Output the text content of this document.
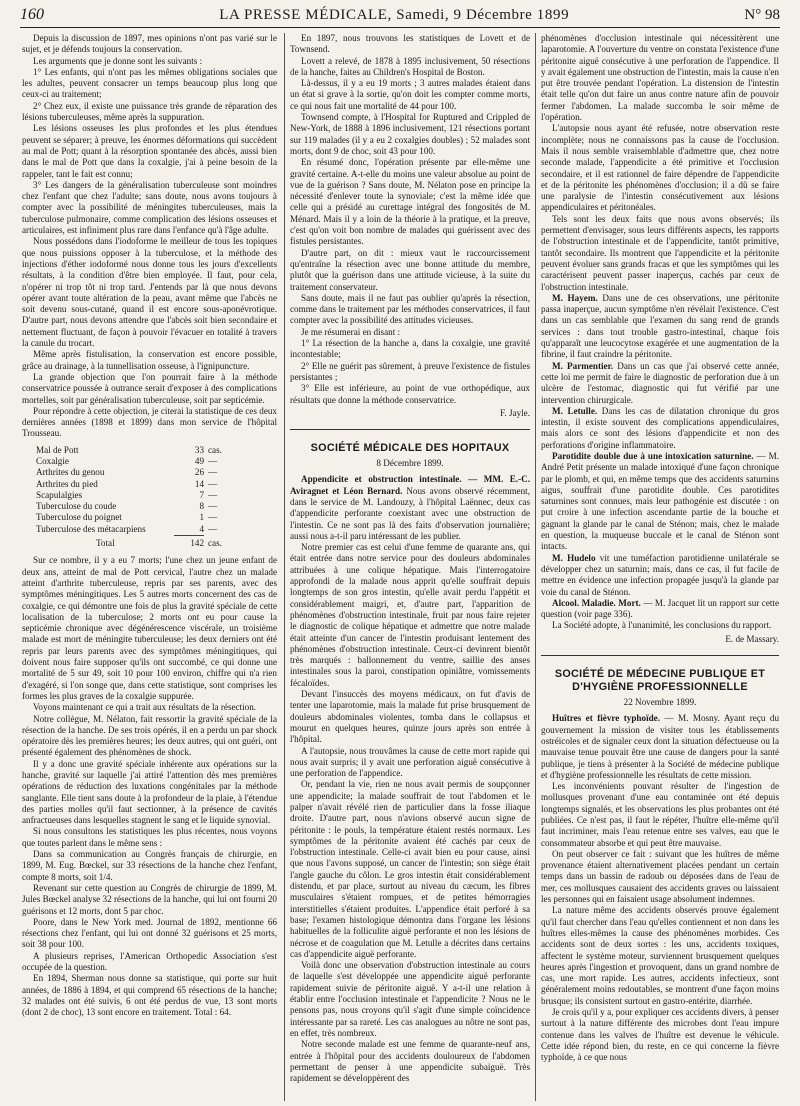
160	LA PRESSE MÉDICALE, Samedi, 9 Décembre 1899	N° 98

Depuis la discussion de 1897, mes opinions n'ont pas varié sur le sujet, et je défends toujours la conservation.

Les arguments que je donne sont les suivants :

1° Les enfants, qui n'ont pas les mêmes obligations sociales que les adultes, peuvent consacrer un temps beaucoup plus long que ceux-ci au traitement;

2° Chez eux, il existe une puissance très grande de réparation des lésions tuberculeuses, même après la suppuration.

Les lésions osseuses les plus profondes et les plus étendues peuvent se séparer; à preuve, les énormes déformations qui succèdent au mal de Pott; quant à la résorption spontanée des abcès, aussi bien dans le mal de Pott que dans la coxalgie, j'ai à peine besoin de la rappeler, tant le fait est connu;

3° Les dangers de la généralisation tuberculeuse sont moindres chez l'enfant que chez l'adulte; sans doute, nous avons toujours à compter avec la possibilité de méningites tuberculeuses, mais la tuberculose pulmonaire, comme complication des lésions osseuses et articulaires, est infiniment plus rare dans l'enfance qu'à l'âge adulte.

Nous possédons dans l'iodoforme le meilleur de tous les topiques que nous puissions opposer à la tuberculose, et la méthode des injections d'éther iodoformé nous donne tous les jours d'excellents résultats, à la condition d'être bien employée. Il faut, pour cela, n'opérer ni trop tôt ni trop tard. J'entends par là que nous devons opérer avant toute altération de la peau, avant même que l'abcès ne soit devenu sous-cutané, quand il est encore sous-aponévrotique. D'autre part, nous devons attendre que l'abcès soit bien secondaire et nettement fluctuant, de façon à pouvoir l'évacuer en totalité à travers la canule du trocart.

Même après fistulisation, la conservation est encore possible, grâce au drainage, à la tunnellisation osseuse, à l'ignipuncture.

La grande objection que l'on pourrait faire à la méthode conservatrice poussée à outrance serait d'exposer à des complications mortelles, soit par généralisation tuberculeuse, soit par septicémie.

Pour répondre à cette objection, je citerai la statistique de ces deux dernières années (1898 et 1899) dans mon service de l'hôpital Trousseau.

Mal de Pott	33	cas.
Coxalgie	49	—
Arthrites du genou	26	—
Arthrites du pied	14	—
Scapulalgies	7	—
Tuberculose du coude	8	—
Tuberculose du poignet	1	—
Tuberculose des métacarpiens	4	—
Total	142	cas.

Sur ce nombre, il y a eu 7 morts; l'une chez un jeune enfant de deux ans, atteint de mal de Pott cervical, l'autre chez un malade atteint d'arthrite tuberculeuse, repris par ses parents, avec des symptômes méningitiques. Les 5 autres morts concernent des cas de coxalgie, ce qui démontre une fois de plus la gravité spéciale de cette localisation de la tuberculose; 2 morts ont eu pour cause la septicémie chronique avec dégénérescence viscérale, un troisième malade est mort de méningite tuberculeuse; les deux derniers ont été repris par leurs parents avec des symptômes méningitiques, qui doivent nous faire supposer qu'ils ont succombé, ce qui donne une mortalité de 5 sur 49, soit 10 pour 100 environ, chiffre qui n'a rien d'exagéré, si l'on songe que, dans cette statistique, sont comprises les formes les plus graves de la coxalgie suppurée.

Voyons maintenant ce qui a trait aux résultats de la résection.

Notre collègue, M. Nélaton, fait ressortir la gravité spéciale de la résection de la hanche. De ses trois opérés, il en a perdu un par shock opératoire dès les premières heures; les deux autres, qui ont guéri, ont présenté également des phénomènes de shock.

Il y a donc une gravité spéciale inhérente aux opérations sur la hanche, gravité sur laquelle j'ai attiré l'attention dès mes premières opérations de réduction des luxations congénitales par la méthode sanglante. Elle tient sans doute à la profondeur de la plaie, à l'étendue des parties molles qu'il faut sectionner, à la présence de cavités anfractueuses dans lesquelles stagnent le sang et le liquide synovial.

Si nous consultons les statistiques les plus récentes, nous voyons que toutes parlent dans le même sens :

Dans sa communication au Congrès français de chirurgie, en 1899, M. Eug. Bœckel, sur 33 résections de la hanche chez l'enfant, compte 8 morts, soit 1/4.

Revenant sur cette question au Congrès de chirurgie de 1899, M. Jules Bœckel analyse 32 résections de la hanche, qui lui ont fourni 20 guérisons et 12 morts, dont 5 par choc.

Poore, dans le New York med. Journal de 1892, mentionne 66 résections chez l'enfant, qui lui ont donné 32 guérisons et 25 morts, soit 38 pour 100.

A plusieurs reprises, l'American Orthopedic Association s'est occupée de la question.

En 1894, Sherman nous donne sa statistique, qui porte sur huit années, de 1886 à 1894, et qui comprend 65 résections de la hanche; 32 malades ont été suivis, 6 ont été perdus de vue, 13 sont morts (dont 2 de choc), 13 sont encore en traitement. Total : 64.

En 1897, nous trouvons les statistiques de Lovett et de Townsend.

Lovett a relevé, de 1878 à 1895 inclusivement, 50 résections de la hanche, faites au Children's Hospital de Boston.

Là-dessus, il y a eu 19 morts ; 3 autres malades étaient dans un état si grave à la sortie, qu'on doit les compter comme morts, ce qui nous fait une mortalité de 44 pour 100.

Townsend compte, à l'Hospital for Ruptured and Crippled de New-York, de 1888 à 1896 inclusivement, 121 résections portant sur 119 malades (il y a eu 2 coxalgies doubles) ; 52 malades sont morts, dont 9 de choc, soit 43 pour 100.

En résumé donc, l'opération présente par elle-même une gravité certaine. A-t-elle du moins une valeur absolue au point de vue de la guérison ? Sans doute, M. Nélaton pose en principe la nécessité d'enlever toute la synoviale; c'est la même idée que celle qui a présidé au curettage intégral des fongosités de M. Ménard. Mais il y a loin de la théorie à la pratique, et la preuve, c'est qu'on voit bon nombre de malades qui guérissent avec des fistules persistantes.

D'autre part, on dit : mieux vaut le raccourcissement qu'entraîne la résection avec une bonne attitude du membre, plutôt que la guérison dans une attitude vicieuse, à la suite du traitement conservateur.

Sans doute, mais il ne faut pas oublier qu'après la résection, comme dans le traitement par les méthodes conservatrices, il faut compter avec la possibilité des attitudes vicieuses.

Je me résumerai en disant :

1° La résection de la hanche a, dans la coxalgie, une gravité incontestable;

2° Elle ne guérit pas sûrement, à preuve l'existence de fistules persistantes ;

3° Elle est inférieure, au point de vue orthopédique, aux résultats que donne la méthode conservatrice.

F. Jayle.
SOCIÉTÉ MÉDICALE DES HOPITAUX
8 Décembre 1899.

Appendicite et obstruction intestinale. — MM. E.-C. Aviragnet et Léon Bernard. Nous avons observé récemment, dans le service de M. Landouzy, à l'hôpital Laënnec, deux cas d'appendicite perforante coexistant avec une obstruction de l'intestin. Ce ne sont pas là des faits d'observation journalière; aussi nous a-t-il paru intéressant de les publier.

Notre premier cas est celui d'une femme de quarante ans, qui était entrée dans notre service pour des douleurs abdominales attribuées à une colique hépatique. Mais l'interrogatoire approfondi de la malade nous apprit qu'elle souffrait depuis longtemps de son gros intestin, qu'elle avait perdu l'appétit et considérablement maigri, et, d'autre part, l'apparition de phénomènes d'obstruction intestinale, fruit par nous faire rejeter le diagnostic de colique hépatique et admettre que notre malade était atteinte d'un cancer de l'intestin produisant lentement des phénomènes d'obstruction intestinale. Ceux-ci devinrent bientôt très marqués : ballonnement du ventre, saillie des anses intestinales sous la paroi, constipation opiniâtre, vomissements fécaloïdes.

Devant l'insuccès des moyens médicaux, on fut d'avis de tenter une laparotomie, mais la malade fut prise brusquement de douleurs abdominales violentes, tomba dans le collapsus et mourut en quelques heures, quinze jours après son entrée à l'hôpital.

A l'autopsie, nous trouvâmes la cause de cette mort rapide qui nous avait surpris; il y avait une perforation aiguë consécutive à une perforation de l'appendice.

Or, pendant la vie, rien ne nous avait permis de soupçonner une appendicite; la malade souffrait de tout l'abdomen et le palper n'avait révélé rien de particulier dans la fosse iliaque droite. D'autre part, nous n'avions observé aucun signe de péritonite : le pouls, la température étaient restés normaux. Les symptômes de la péritonite avaient été cachés par ceux de l'obstruction intestinale. Celle-ci avait bien eu pour cause, ainsi que nous l'avons supposé, un cancer de l'intestin; son siège était l'angle gauche du côlon. Le gros intestin était considérablement distendu, et par place, surtout au niveau du cæcum, les fibres musculaires s'étaient rompues, et de petites hémorragies interstitielles s'étaient produites. L'appendice était perforé à sa base; l'examen histologique démontra dans l'organe les lésions habituelles de la folliculite aiguë perforante et non les lésions de nécrose et de coagulation que M. Letulle a décrites dans certains cas d'appendicite aiguë perforante.

Voilà donc une observation d'obstruction intestinale au cours de laquelle s'est développée une appendicite aiguë perforante rapidement suivie de péritonite aiguë. Y a-t-il une relation à établir entre l'occlusion intestinale et l'appendicite ? Nous ne le pensons pas, nous croyons qu'il s'agit d'une simple coïncidence intéressante par sa rareté. Les cas analogues au nôtre ne sont pas, en effet, très nombreux.

Notre seconde malade est une femme de quarante-neuf ans, entrée à l'hôpital pour des accidents douloureux de l'abdomen permettant de penser à une appendicite subaiguë. Très rapidement se développèrent des

phénomènes d'occlusion intestinale qui nécessitèrent une laparotomie. A l'ouverture du ventre on constata l'existence d'une péritonite aiguë consécutive à une perforation de l'appendice. Il y avait également une obstruction de l'intestin, mais la cause n'en put être trouvée pendant l'opération. La distension de l'intestin était telle qu'on dut faire un anus contre nature afin de pouvoir fermer l'abdomen. La malade succomba le soir même de l'opération.

L'autopsie nous ayant été refusée, notre observation reste incomplète; nous ne connaissons pas la cause de l'occlusion. Mais il nous semble vraisemblable d'admettre que, chez notre seconde malade, l'appendicite a été primitive et l'occlusion secondaire, et il est rationnel de faire dépendre de l'appendicite et de la péritonite les phénomènes d'occlusion; il a dû se faire une paralysie de l'intestin consécutivement aux lésions appendiculaires et péritonéales.

Tels sont les deux faits que nous avons observés; ils permettent d'envisager, sous leurs différents aspects, les rapports de l'obstruction intestinale et de l'appendicite, tantôt primitive, tantôt secondaire. Ils montrent que l'appendicite et la péritonite peuvent évoluer sans grands fracas et que les symptômes qui les caractérisent peuvent passer inaperçus, cachés par ceux de l'obstruction intestinale.

M. Hayem. Dans une de ces observations, une péritonite passa inaperçue, aucun symptôme n'en révélait l'existence. C'est dans un cas semblable que l'examen du sang rend de grands services : dans tout trouble gastro-intestinal, chaque fois qu'apparaît une leucocytose exagérée et une augmentation de la fibrine, il faut craindre la péritonite.

M. Parmentier. Dans un cas que j'ai observé cette année, cette loi me permit de faire le diagnostic de perforation due à un ulcère de l'estomac, diagnostic qui fut vérifié par une intervention chirurgicale.

M. Letulle. Dans les cas de dilatation chronique du gros intestin, il existe souvent des complications appendiculaires, mais alors ce sont des lésions d'appendicite et non des perforations d'origine inflammatoire.

Parotidite double due à une intoxication saturnine. — M. André Petit présente un malade intoxiqué d'une façon chronique par le plomb, et qui, en même temps que des accidents saturnins aigus, souffrait d'une parotidite double. Ces parotidites saturnines sont connues, mais leur pathogénie est discutée : on put croire à une infection ascendante partie de la bouche et gagnant la glande par le canal de Sténon; mais, chez le malade en question, la muqueuse buccale et le canal de Sténon sont intacts.

M. Hudelo vit une tuméfaction parotidienne unilatérale se développer chez un saturnin; mais, dans ce cas, il fut facile de mettre en évidence une infection propagée jusqu'à la glande par voie du canal de Sténon.

Alcool. Maladie. Mort. — M. Jacquet lit un rapport sur cette question (voir page 336).

La Société adopte, à l'unanimité, les conclusions du rapport.

E. de Massary.
SOCIÉTÉ DE MÉDECINE PUBLIQUE ET D'HYGIÈNE PROFESSIONNELLE
22 Novembre 1899.

Huîtres et fièvre typhoïde. — M. Mosny. Ayant reçu du gouvernement la mission de visiter tous les établissements ostréicoles et de signaler ceux dont la situation défectueuse ou la mauvaise tenue pouvait être une cause de dangers pour la santé publique, je tiens à présenter à la Société de médecine publique et d'hygiène professionnelle les résultats de cette mission.

Les inconvénients pouvant résulter de l'ingestion de mollusques provenant d'une eau contaminée ont été depuis longtemps signalés, et les observations les plus probantes ont été publiées. Ce n'est pas, il faut le répéter, l'huître elle-même qu'il faut incriminer, mais l'eau retenue entre ses valves, eau que le consommateur absorbe et qui peut être mauvaise.

On peut observer ce fait : suivant que les huîtres de même provenance étaient alternativement placées pendant un certain temps dans un bassin de radoub ou déposées dans de l'eau de mer, ces mollusques causaient des accidents graves ou laissaient les personnes qui en faisaient usage absolument indemnes.

La nature même des accidents observés prouve également qu'il faut chercher dans l'eau qu'elles contiennent et non dans les huîtres elles-mêmes la cause des phénomènes morbides. Ces accidents sont de deux sortes : les uns, accidents toxiques, affectent le système moteur, surviennent brusquement quelques heures après l'ingestion et provoquent, dans un grand nombre de cas, une mort rapide. Les autres, accidents infectieux, sont généralement moins redoutables, se montrent d'une façon moins brusque; ils consistent surtout en gastro-entérite, diarrhée.

Je crois qu'il y a, pour expliquer ces accidents divers, à penser surtout à la nature différente des microbes dont l'eau impure contenue dans les valves de l'huître est devenue le véhicule. Cette idée répond bien, du reste, en ce qui concerne la fièvre typhoïde, à ce que nous
